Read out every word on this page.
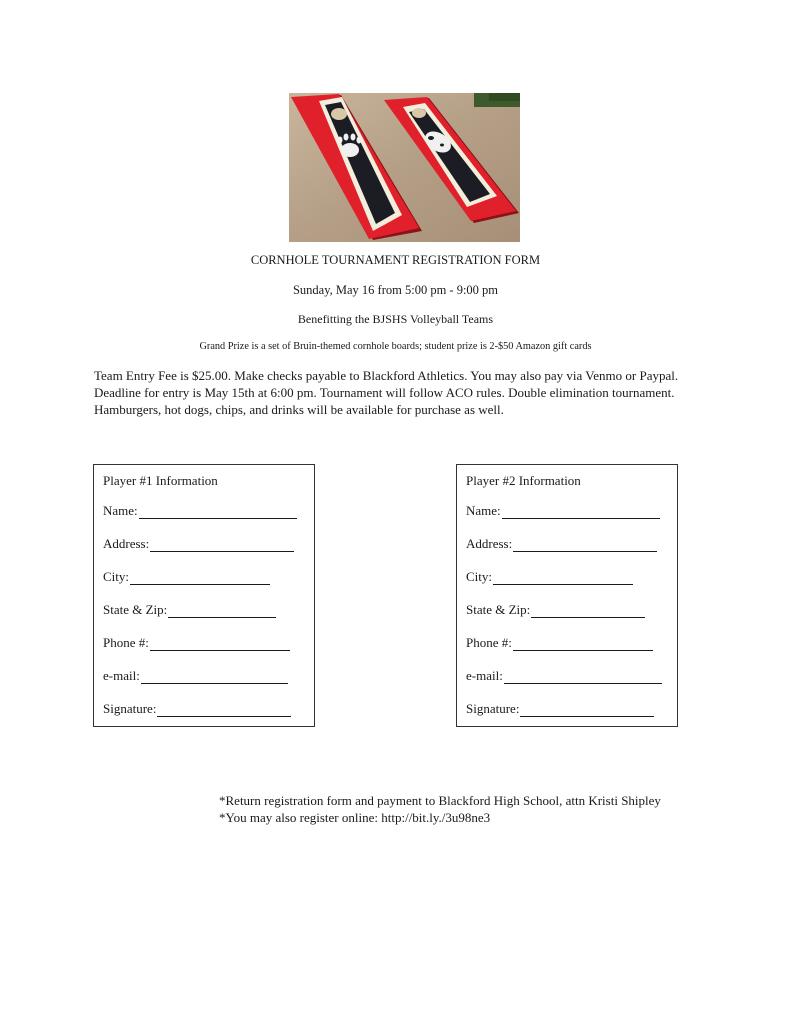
CORNHOLE TOURNAMENT REGISTRATION FORM
Sunday, May 16 from 5:00 pm - 9:00 pm
Benefitting the BJSHS Volleyball Teams
Grand Prize is a set of Bruin-themed cornhole boards; student prize is 2-$50 Amazon gift cards
Team Entry Fee is $25.00. Make checks payable to Blackford Athletics. You may also pay via Venmo or Paypal.
Deadline for entry is May 15th at 6:00 pm. Tournament will follow ACO rules. Double elimination tournament.
Hamburgers, hot dogs, chips, and drinks will be available for purchase as well.
Player #1 Information
Name:
Address:
City:
State & Zip:
Phone #:
e-mail:
Signature:
Player #2 Information
Name:
Address:
City:
State & Zip:
Phone #:
e-mail:
Signature:
*Return registration form and payment to Blackford High School, attn Kristi Shipley
*You may also register online: http://bit.ly./3u98ne3
